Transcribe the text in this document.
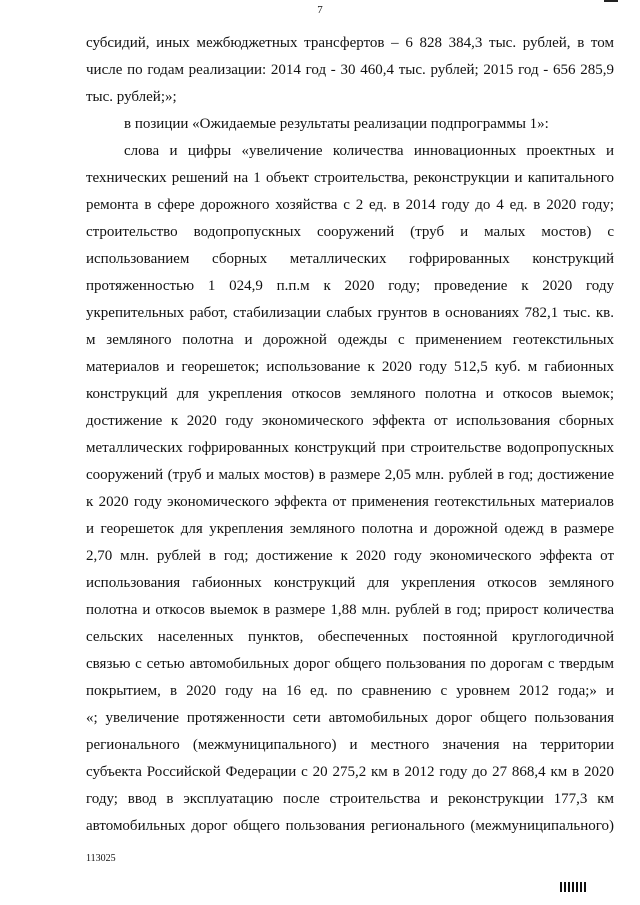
7
субсидий, иных межбюджетных трансфертов – 6 828 384,3 тыс. рублей, в том
числе по годам реализации: 2014 год - 30 460,4 тыс. рублей; 2015 год - 656 285,9
тыс. рублей;»;
в позиции «Ожидаемые результаты реализации подпрограммы 1»:
слова и цифры «увеличение количества инновационных проектных и
технических решений на 1 объект строительства, реконструкции и капитального
ремонта в сфере дорожного хозяйства с 2 ед. в 2014 году до 4 ед. в 2020 году;
строительство водопропускных сооружений (труб и малых мостов) с
использованием сборных металлических гофрированных конструкций
протяженностью 1 024,9 п.п.м к 2020 году; проведение к 2020 году
укрепительных работ, стабилизации слабых грунтов в основаниях 782,1 тыс. кв.
м земляного полотна и дорожной одежды с применением геотекстильных
материалов и георешеток; использование к 2020 году 512,5 куб. м габионных
конструкций для укрепления откосов земляного полотна и откосов выемок;
достижение к 2020 году экономического эффекта от использования сборных
металлических гофрированных конструкций при строительстве водопропускных
сооружений (труб и малых мостов) в размере 2,05 млн. рублей в год; достижение
к 2020 году экономического эффекта от применения геотекстильных материалов
и георешеток для укрепления земляного полотна и дорожной одежд в размере
2,70 млн. рублей в год; достижение к 2020 году экономического эффекта от
использования габионных конструкций для укрепления откосов земляного
полотна и откосов выемок в размере 1,88 млн. рублей в год; прирост количества
сельских населенных пунктов, обеспеченных постоянной круглогодичной
связью с сетью автомобильных дорог общего пользования по дорогам с твердым
покрытием, в 2020 году на 16 ед. по сравнению с уровнем 2012 года;» и
«; увеличение протяженности сети автомобильных дорог общего пользования
регионального (межмуниципального) и местного значения на территории
субъекта Российской Федерации с 20 275,2 км в 2012 году до 27 868,4 км в 2020
году; ввод в эксплуатацию после строительства и реконструкции 177,3 км
автомобильных дорог общего пользования регионального (межмуниципального)
113025
